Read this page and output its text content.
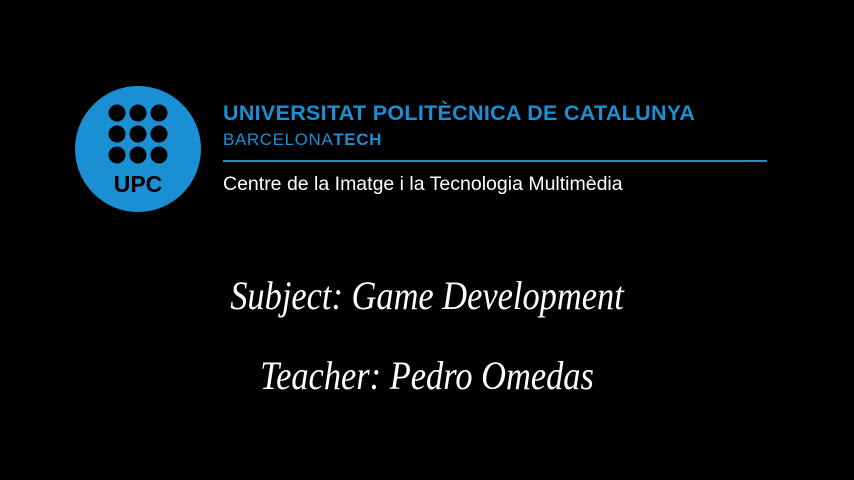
UPC
UNIVERSITAT POLITÈCNICA DE CATALUNYA
BARCELONATECH
Centre de la Imatge i la Tecnologia Multimèdia
Subject: Game Development
Teacher: Pedro Omedas
